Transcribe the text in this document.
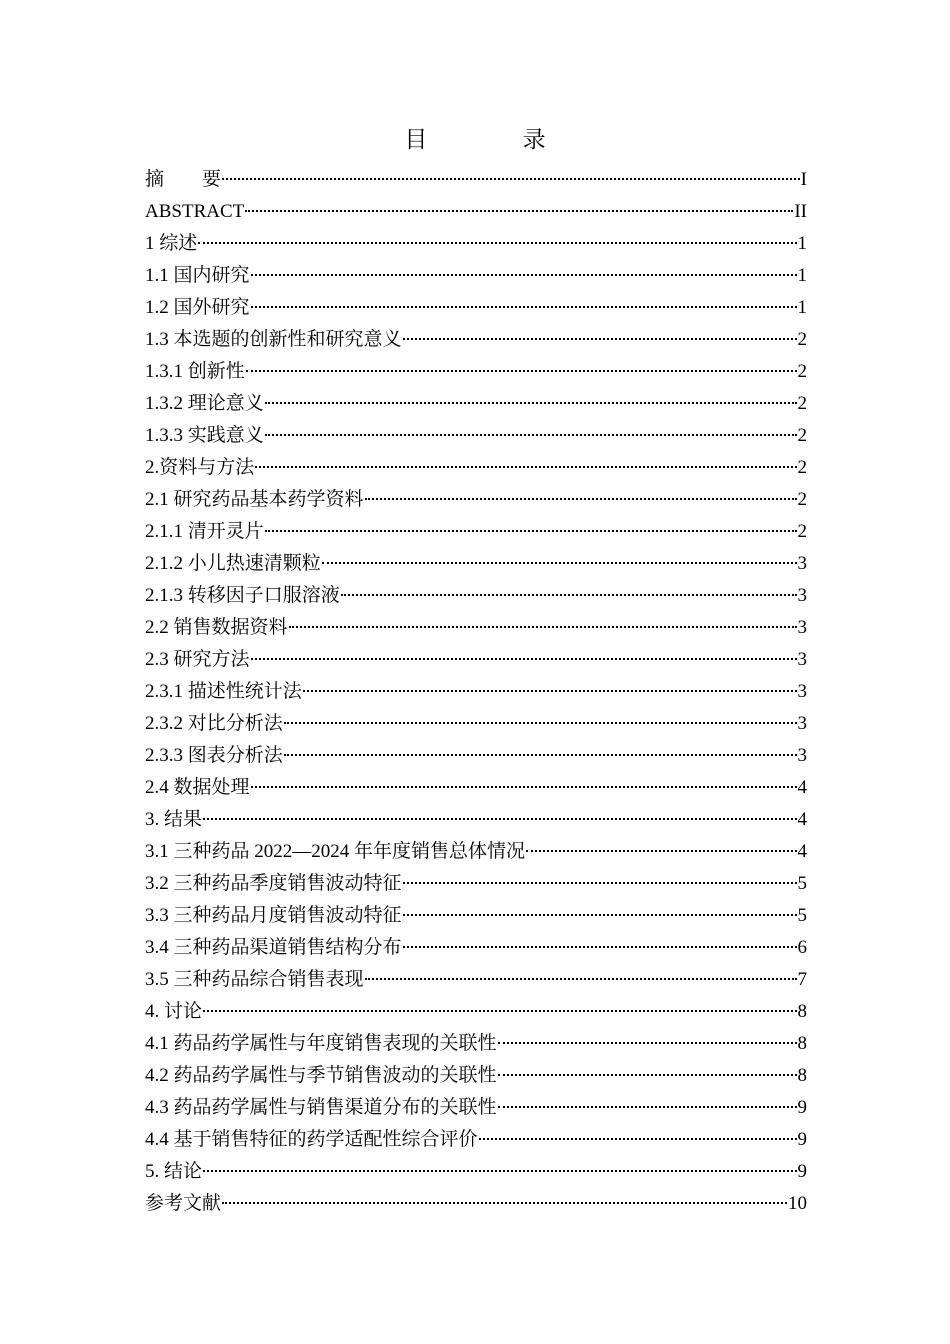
目 录
摘　　要	I
ABSTRACT	II
1 综述	1
1.1 国内研究	1
1.2 国外研究	1
1.3 本选题的创新性和研究意义	2
1.3.1 创新性	2
1.3.2 理论意义	2
1.3.3 实践意义	2
2.资料与方法	2
2.1 研究药品基本药学资料	2
2.1.1 清开灵片	2
2.1.2 小儿热速清颗粒	3
2.1.3 转移因子口服溶液	3
2.2 销售数据资料	3
2.3 研究方法	3
2.3.1 描述性统计法	3
2.3.2 对比分析法	3
2.3.3 图表分析法	3
2.4 数据处理	4
3. 结果	4
3.1 三种药品 2022—2024 年年度销售总体情况	4
3.2 三种药品季度销售波动特征	5
3.3 三种药品月度销售波动特征	5
3.4 三种药品渠道销售结构分布	6
3.5 三种药品综合销售表现	7
4. 讨论	8
4.1 药品药学属性与年度销售表现的关联性	8
4.2 药品药学属性与季节销售波动的关联性	8
4.3 药品药学属性与销售渠道分布的关联性	9
4.4 基于销售特征的药学适配性综合评价	9
5. 结论	9
参考文献	10
